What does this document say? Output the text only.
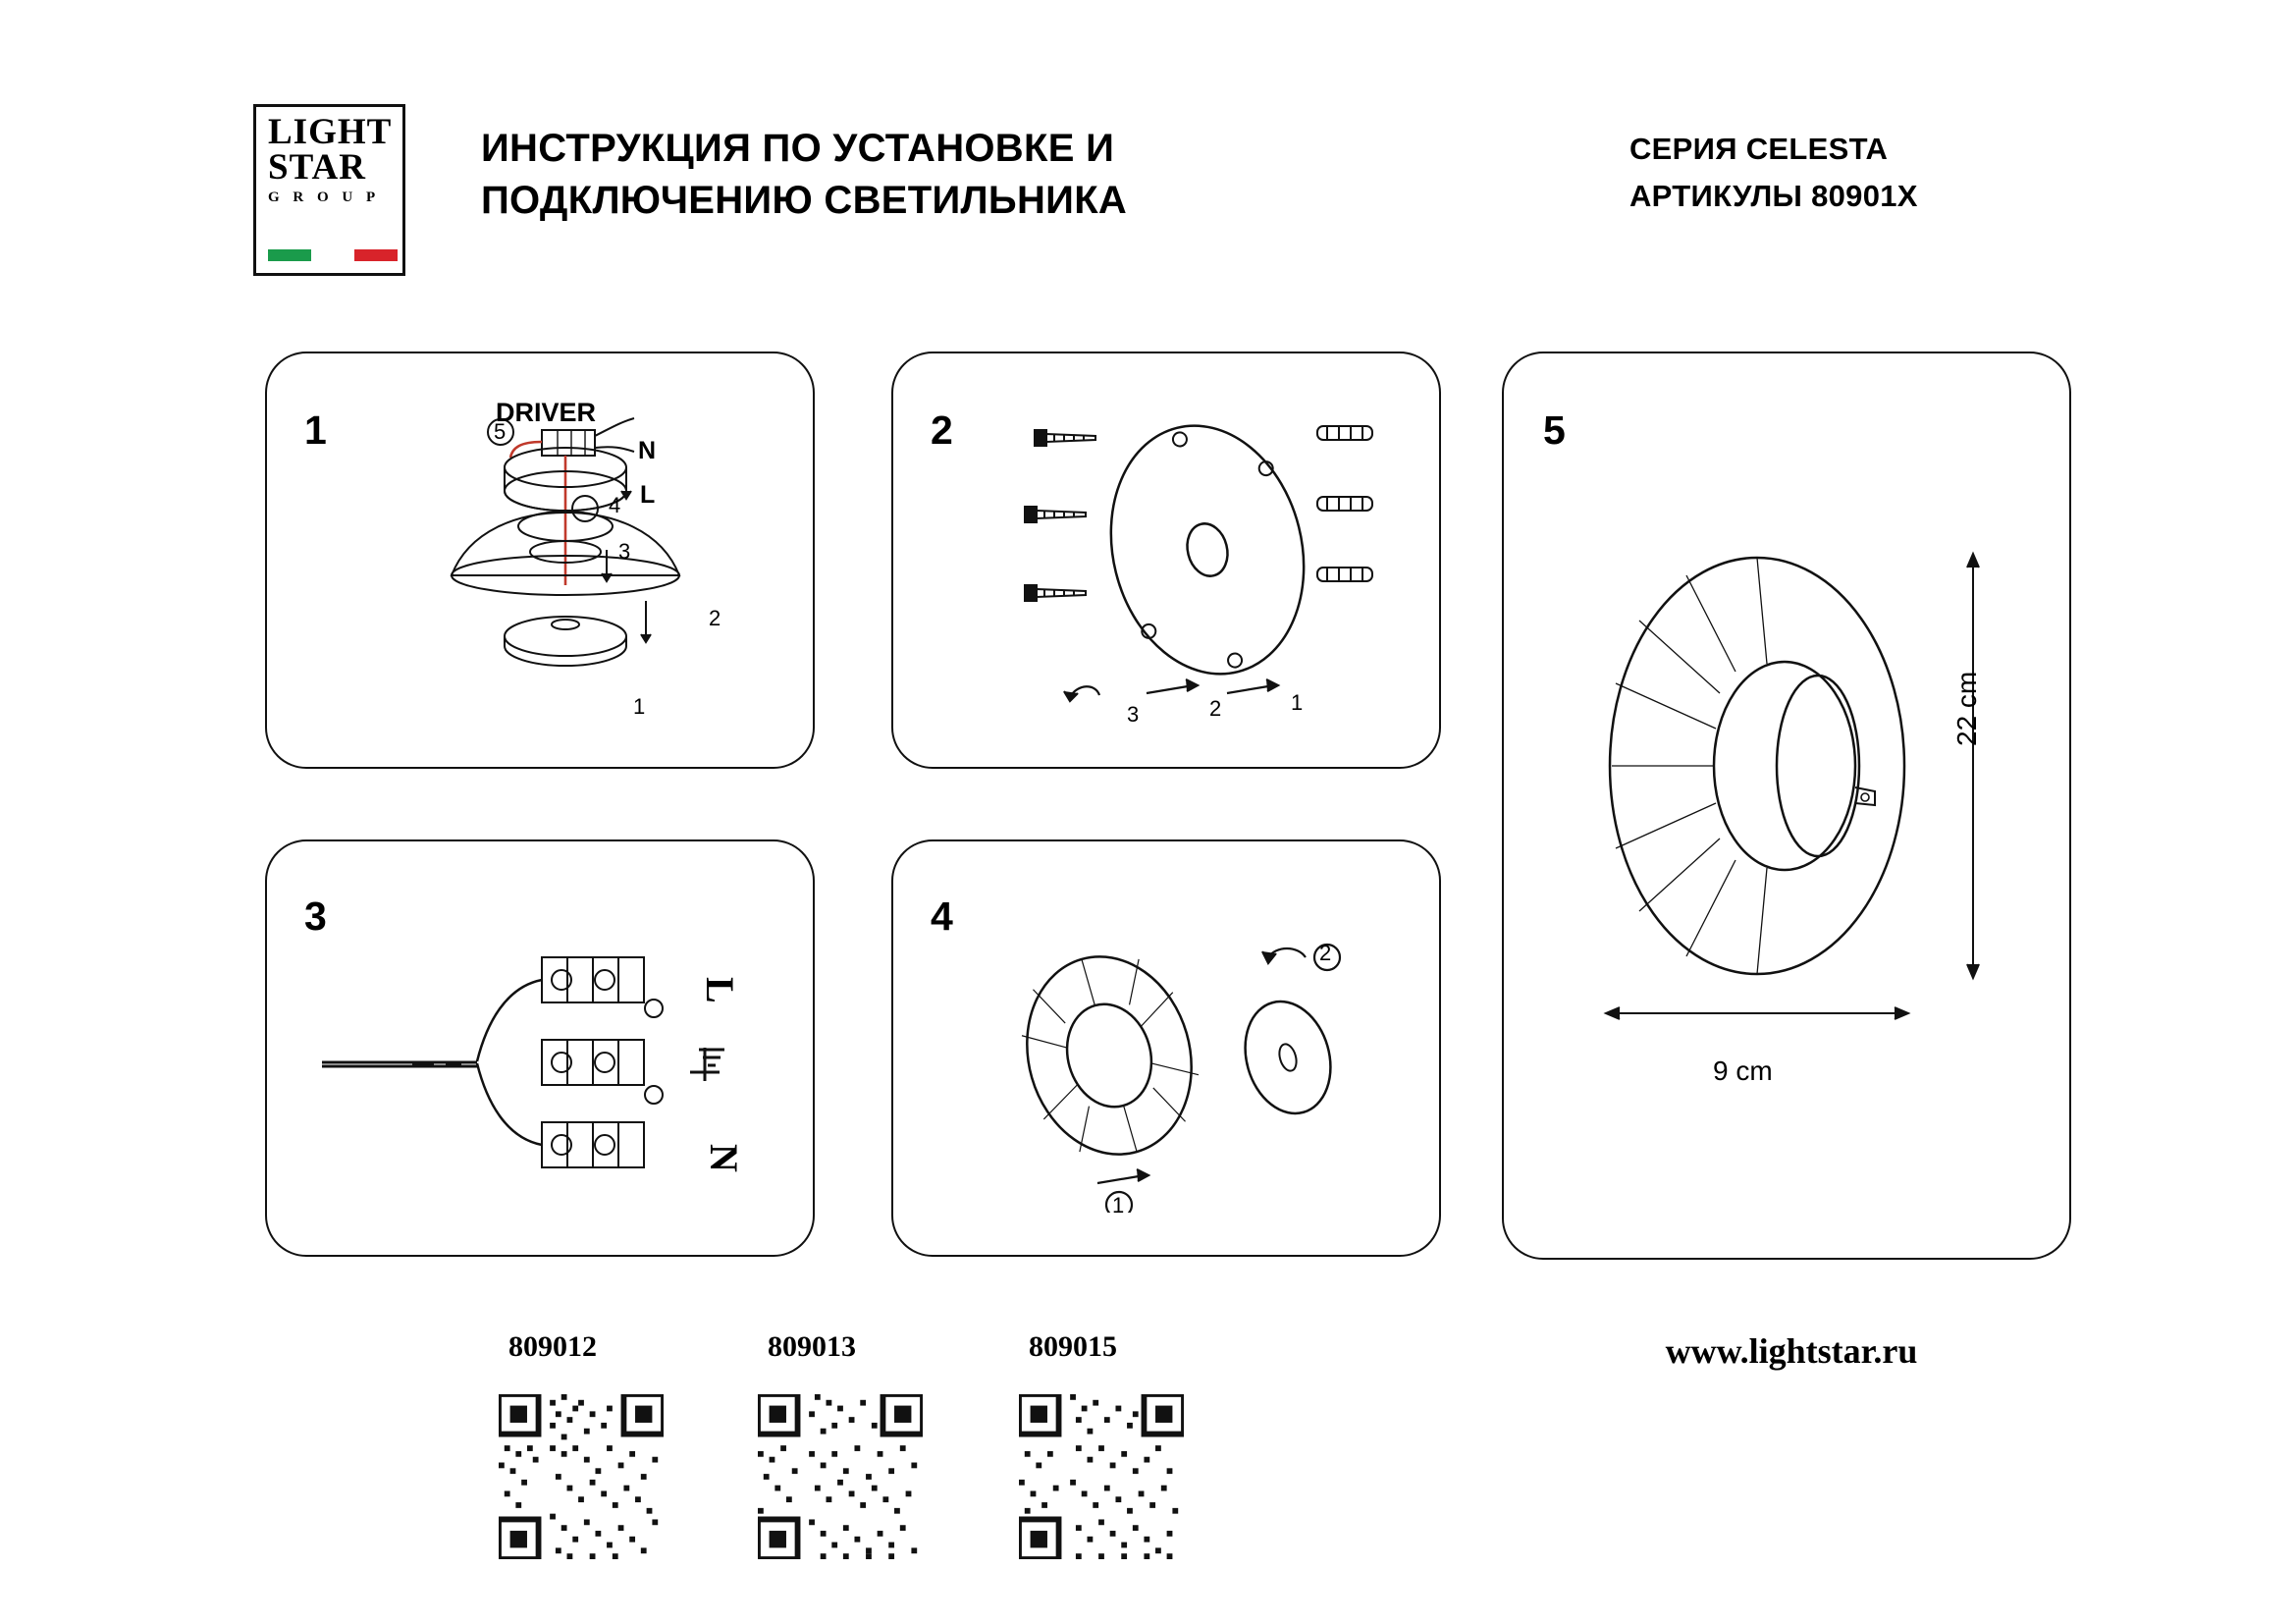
LIGHT
STAR
G R O U P
ИНСТРУКЦИЯ ПО УСТАНОВКЕ И ПОДКЛЮЧЕНИЮ СВЕТИЛЬНИКА
СЕРИЯ CELESTA
АРТИКУЛЫ 80901X
1	DRIVER
N
L
5
3
2
1
4
2
3	2	1
3
L
N
4
2
1
5
22 cm
9 cm
www.lightstar.ru
809012	809013	809015
